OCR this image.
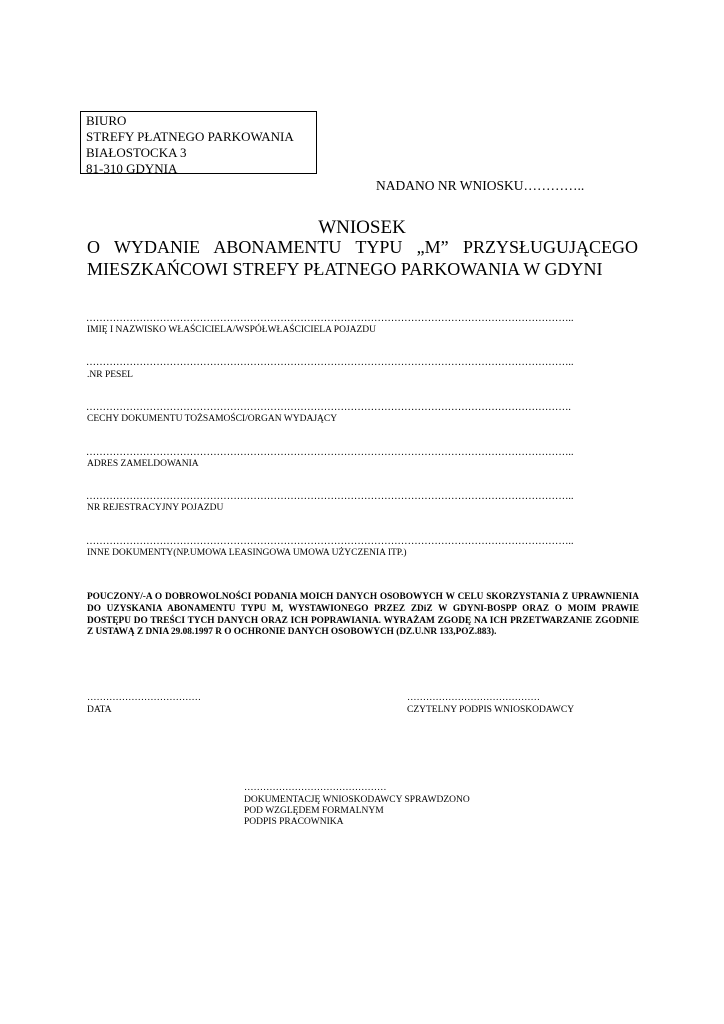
BIURO
STREFY PŁATNEGO PARKOWANIA
BIAŁOSTOCKA 3
81-310 GDYNIA
NADANO NR WNIOSKU…………..
WNIOSEK
O WYDANIE ABONAMENTU TYPU „M” PRZYSŁUGUJĄCEGO
MIESZKAŃCOWI STREFY PŁATNEGO PARKOWANIA W GDYNI
………………………………………………………………………………………………………………………………..
IMIĘ I NAZWISKO WŁAŚCICIELA/WSPÓŁWŁAŚCICIELA POJAZDU
………………………………………………………………………………………………………………………………..
.NR PESEL
……………………………………………………………………………………………………………………………….
CECHY DOKUMENTU TOŻSAMOŚCI/ORGAN WYDAJĄCY
………………………………………………………………………………………………………………………………..
ADRES ZAMELDOWANIA
………………………………………………………………………………………………………………………………..
NR REJESTRACYJNY POJAZDU
………………………………………………………………………………………………………………………………..
INNE DOKUMENTY(NP.UMOWA LEASINGOWA UMOWA UŻYCZENIA ITP.)
POUCZONY/-A O DOBROWOLNOŚCI PODANIA MOICH DANYCH OSOBOWYCH W CELU SKORZYSTANIA Z UPRAWNIENIA DO UZYSKANIA ABONAMENTU TYPU M, WYSTAWIONEGO PRZEZ ZDiZ W GDYNI-BOSPP ORAZ O MOIM PRAWIE DOSTĘPU DO TREŚCI TYCH DANYCH ORAZ ICH POPRAWIANIA. WYRAŻAM ZGODĘ NA ICH PRZETWARZANIE ZGODNIE Z USTAWĄ Z DNIA 29.08.1997 R O OCHRONIE DANYCH OSOBOWYCH (DZ.U.NR 133,POZ.883).
………………………………
DATA
……………………………………
CZYTELNY PODPIS WNIOSKODAWCY
………………………………………
DOKUMENTACJĘ WNIOSKODAWCY SPRAWDZONO
POD WZGLĘDEM FORMALNYM
PODPIS PRACOWNIKA
